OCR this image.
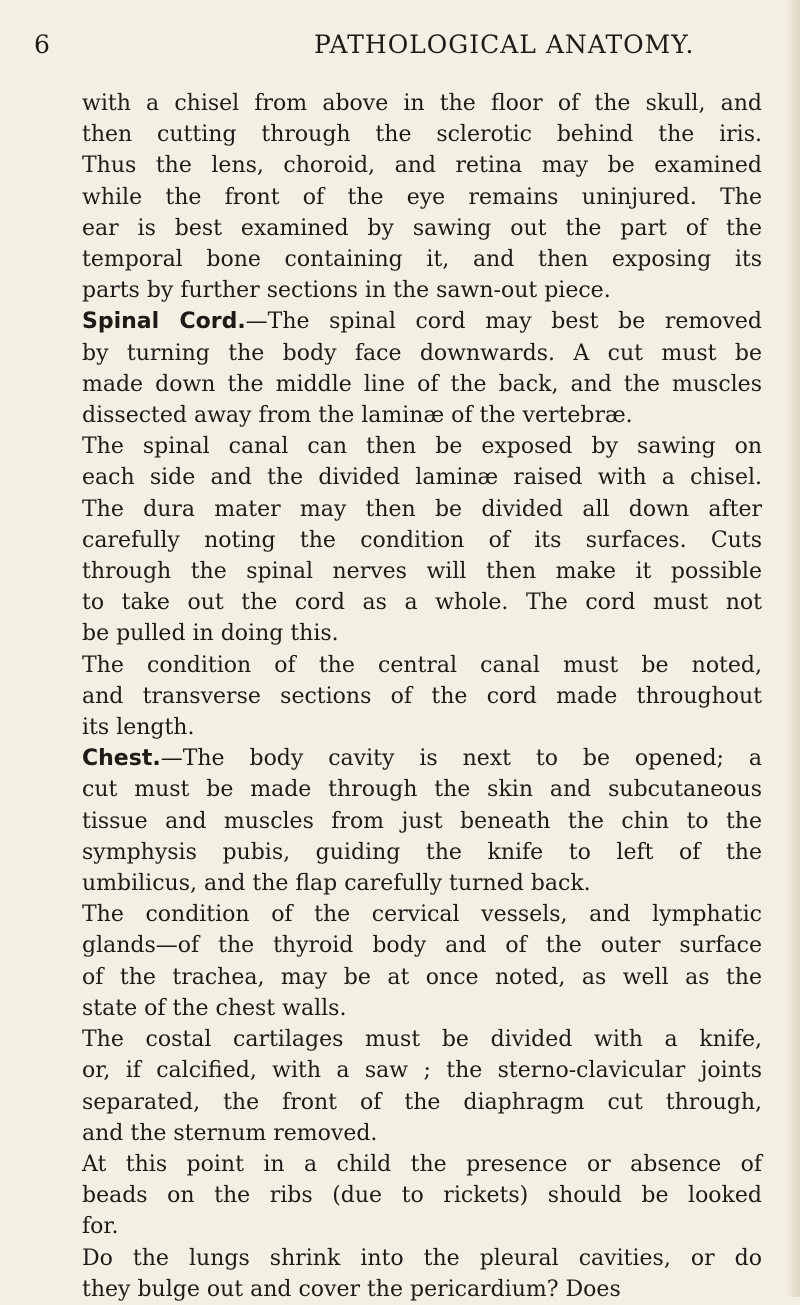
6	PATHOLOGICAL ANATOMY.
with a chisel from above in the floor of the skull, and
then cutting through the sclerotic behind the iris.
Thus the lens, choroid, and retina may be examined
while the front of the eye remains uninjured. The
ear is best examined by sawing out the part of the
temporal bone containing it, and then exposing its
parts by further sections in the sawn-out piece.
Spinal Cord.—The spinal cord may best be removed
by turning the body face downwards. A cut must be
made down the middle line of the back, and the muscles
dissected away from the laminæ of the vertebræ.
The spinal canal can then be exposed by sawing on
each side and the divided laminæ raised with a chisel.
The dura mater may then be divided all down after
carefully noting the condition of its surfaces. Cuts
through the spinal nerves will then make it possible
to take out the cord as a whole. The cord must not
be pulled in doing this.
The condition of the central canal must be noted,
and transverse sections of the cord made throughout
its length.
Chest.—The body cavity is next to be opened; a
cut must be made through the skin and subcutaneous
tissue and muscles from just beneath the chin to the
symphysis pubis, guiding the knife to left of the
umbilicus, and the flap carefully turned back.
The condition of the cervical vessels, and lymphatic
glands—of the thyroid body and of the outer surface
of the trachea, may be at once noted, as well as the
state of the chest walls.
The costal cartilages must be divided with a knife,
or, if calcified, with a saw ; the sterno-clavicular joints
separated, the front of the diaphragm cut through,
and the sternum removed.
At this point in a child the presence or absence of
beads on the ribs (due to rickets) should be looked
for.
Do the lungs shrink into the pleural cavities, or do
they bulge out and cover the pericardium? Does
